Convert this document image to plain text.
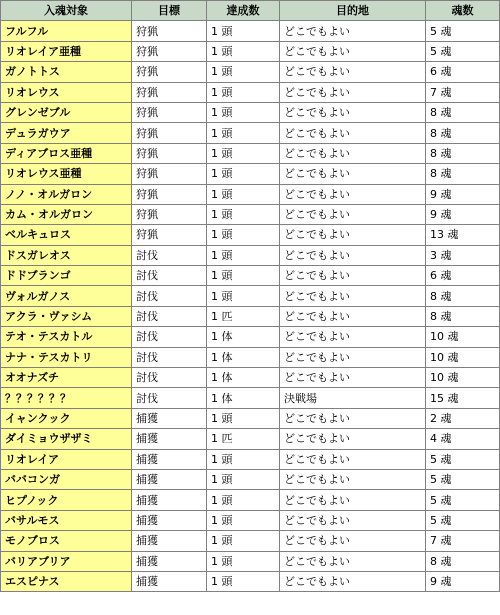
入魂対象	目標	達成数	目的地	魂数
フルフル	狩猟	1 頭	どこでもよい	5 魂
リオレイア亜種	狩猟	1 頭	どこでもよい	5 魂
ガノトトス	狩猟	1 頭	どこでもよい	6 魂
リオレウス	狩猟	1 頭	どこでもよい	7 魂
グレンゼブル	狩猟	1 頭	どこでもよい	8 魂
デュラガウア	狩猟	1 頭	どこでもよい	8 魂
ディアブロス亜種	狩猟	1 頭	どこでもよい	8 魂
リオレウス亜種	狩猟	1 頭	どこでもよい	8 魂
ノノ・オルガロン	狩猟	1 頭	どこでもよい	9 魂
カム・オルガロン	狩猟	1 頭	どこでもよい	9 魂
ベルキュロス	狩猟	1 頭	どこでもよい	13 魂
ドスガレオス	討伐	1 頭	どこでもよい	3 魂
ドドブランゴ	討伐	1 頭	どこでもよい	6 魂
ヴォルガノス	討伐	1 頭	どこでもよい	8 魂
アクラ・ヴァシム	討伐	1 匹	どこでもよい	8 魂
テオ・テスカトル	討伐	1 体	どこでもよい	10 魂
ナナ・テスカトリ	討伐	1 体	どこでもよい	10 魂
オオナズチ	討伐	1 体	どこでもよい	10 魂
？？？？？？	討伐	1 体	決戦場	15 魂
イャンクック	捕獲	1 頭	どこでもよい	2 魂
ダイミョウザザミ	捕獲	1 匹	どこでもよい	4 魂
リオレイア	捕獲	1 頭	どこでもよい	5 魂
ババコンガ	捕獲	1 頭	どこでもよい	5 魂
ヒプノック	捕獲	1 頭	どこでもよい	5 魂
バサルモス	捕獲	1 頭	どこでもよい	5 魂
モノブロス	捕獲	1 頭	どこでもよい	7 魂
バリアブリア	捕獲	1 頭	どこでもよい	8 魂
エスピナス	捕獲	1 頭	どこでもよい	9 魂
